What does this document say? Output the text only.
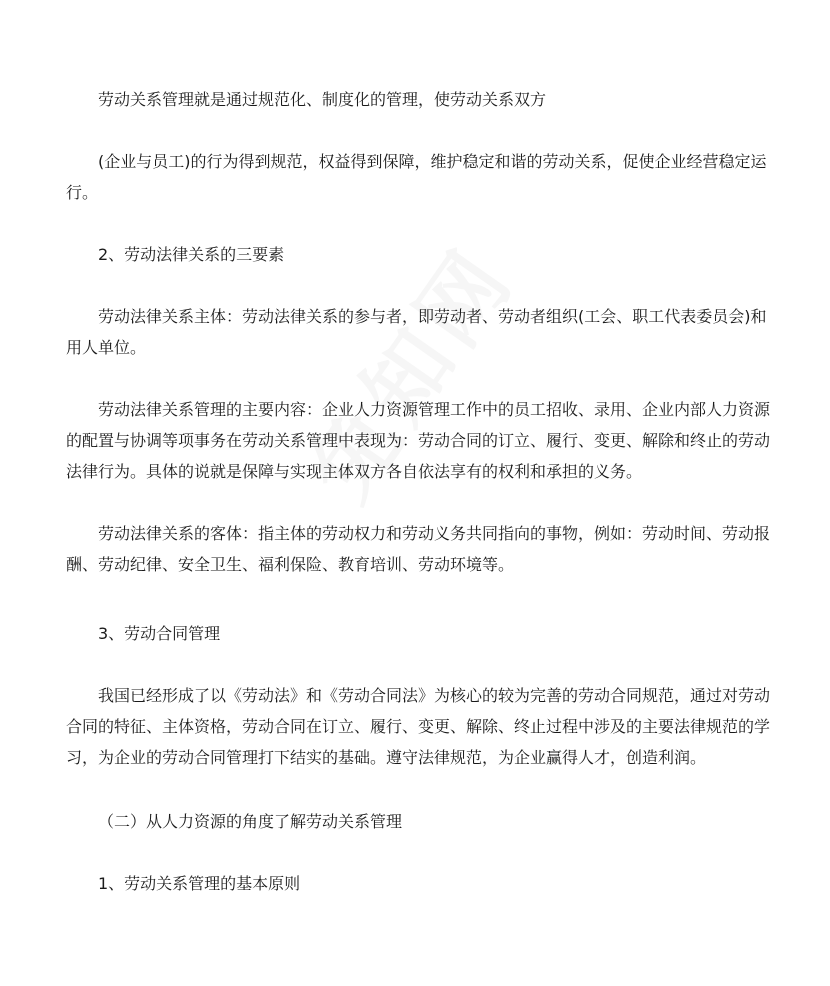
劳动关系管理就是通过规范化、制度化的管理，使劳动关系双方

(企业与员工)的行为得到规范，权益得到保障，维护稳定和谐的劳动关系，促使企业经营稳定运行。

2、劳动法律关系的三要素

劳动法律关系主体：劳动法律关系的参与者，即劳动者、劳动者组织(工会、职工代表委员会)和用人单位。

劳动法律关系管理的主要内容：企业人力资源管理工作中的员工招收、录用、企业内部人力资源的配置与协调等项事务在劳动关系管理中表现为：劳动合同的订立、履行、变更、解除和终止的劳动法律行为。具体的说就是保障与实现主体双方各自依法享有的权利和承担的义务。

劳动法律关系的客体：指主体的劳动权力和劳动义务共同指向的事物，例如：劳动时间、劳动报酬、劳动纪律、安全卫生、福利保险、教育培训、劳动环境等。

3、劳动合同管理

我国已经形成了以《劳动法》和《劳动合同法》为核心的较为完善的劳动合同规范，通过对劳动合同的特征、主体资格，劳动合同在订立、履行、变更、解除、终止过程中涉及的主要法律规范的学习，为企业的劳动合同管理打下结实的基础。遵守法律规范，为企业赢得人才，创造利润。

（二）从人力资源的角度了解劳动关系管理

1、劳动关系管理的基本原则
